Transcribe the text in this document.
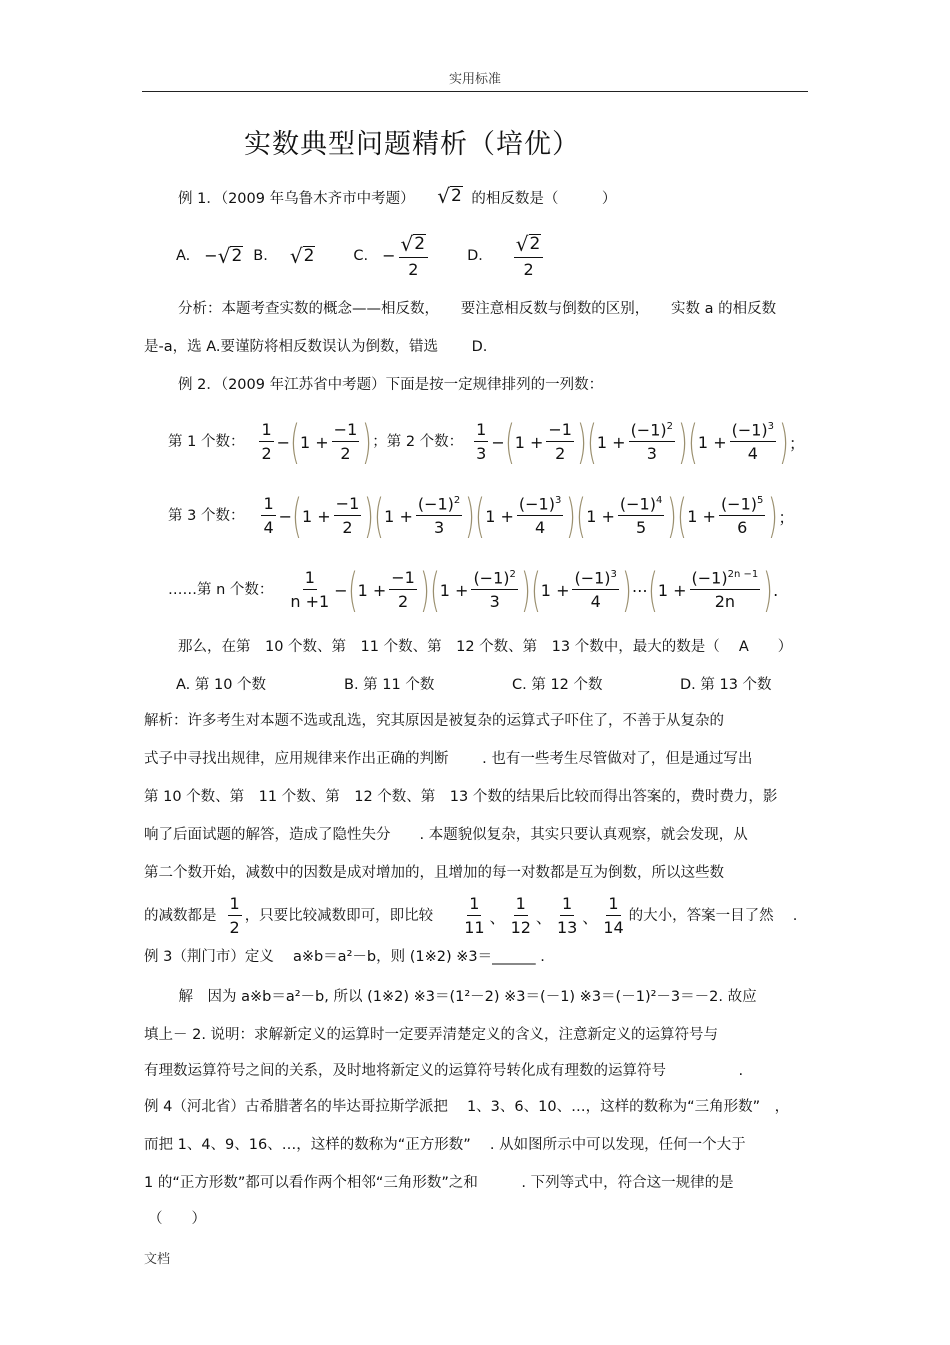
实用标准
实数典型问题精析（培优）
例 1．（2009 年乌鲁木齐市中考题） √ 2 的相反数是（　　　）
A. − √ 2 B. √ 2	C. − $\frac{√ 2}{2}$	D． $\frac{√ 2}{2}$
分析：本题考查实数的概念——相反数，　　要注意相反数与倒数的区别，　　实数 a 的相反数
是-a，选 A.要谨防将相反数误认为倒数，错选　　 D.
例 2．（2009 年江苏省中考题）下面是按一定规律排列的一列数：
第 1 个数： $\frac{1}{2}$ − ( $1 + \frac{-1}{2}$ ) ；第 2 个数： $\frac{1}{3}$ − ( $1 + \frac{-1}{2}$ ) ( $1 + \frac{(-1)^2}{3}$ ) ( $1 + \frac{(-1)^3}{4}$ ) ；
第 3 个数： $\frac{1}{4}$ − ( $1 + \frac{-1}{2}$ ) ( $1 + \frac{(-1)^2}{3}$ ) ( $1 + \frac{(-1)^3}{4}$ ) ( $1 + \frac{(-1)^4}{5}$ ) ( $1 + \frac{(-1)^5}{6}$ ) ；
……第 n 个数： $\frac{1}{n +1}$ − ( $1 + \frac{-1}{2}$ ) ( $1 + \frac{(-1)^2}{3}$ ) ( $1 + \frac{(-1)^3}{4}$ ) ⋯ ( $1 + \frac{(-1)^{2n -1}}{2n}$ ) .
那么，在第　10 个数、第　11 个数、第　12 个数、第　13 个数中，最大的数是（　 A　　）
A. 第 10 个数	B. 第 11 个数	C. 第 12 个数	D. 第 13 个数
解析：许多考生对本题不选或乱选，究其原因是被复杂的运算式子吓住了，不善于从复杂的
式子中寻找出规律，应用规律来作出正确的判断　　 . 也有一些考生尽管做对了，但是通过写出
第 10 个数、第　11 个数、第　12 个数、第　13 个数的结果后比较而得出答案的，费时费力，影
响了后面试题的解答，造成了隐性失分　　. 本题貌似复杂，其实只要认真观察，就会发现，从
第二个数开始，减数中的因数是成对增加的，且增加的每一对数都是互为倒数，所以这些数
的减数都是 $\frac{1}{2}$ ，只要比较减数即可，即比较 $\frac{1}{11}$ 、 $\frac{1}{12}$ 、 $\frac{1}{13}$ 、 $\frac{1}{14}$ 的大小，答案一目了然　 .
例 3（荆门市）定义　 a※b＝a²－b，则 (1※2) ※3＝______ .
　解　因为 a※b＝a²－b, 所以 (1※2) ※3＝(1²－2) ※3＝(－1) ※3＝(－1)²－3＝－2. 故应
填上－ 2. 说明：求解新定义的运算时一定要弄清楚定义的含义，注意新定义的运算符号与
有理数运算符号之间的关系，及时地将新定义的运算符号转化成有理数的运算符号　　　　　.
例 4（河北省）古希腊著名的毕达哥拉斯学派把　 1、3、6、10、…，这样的数称为“三角形数”　，
而把 1、4、9、16、…，这样的数称为“正方形数”　 . 从如图所示中可以发现，任何一个大于
1 的“正方形数”都可以看作两个相邻“三角形数”之和　　　. 下列等式中，符合这一规律的是
（　　）
文档
